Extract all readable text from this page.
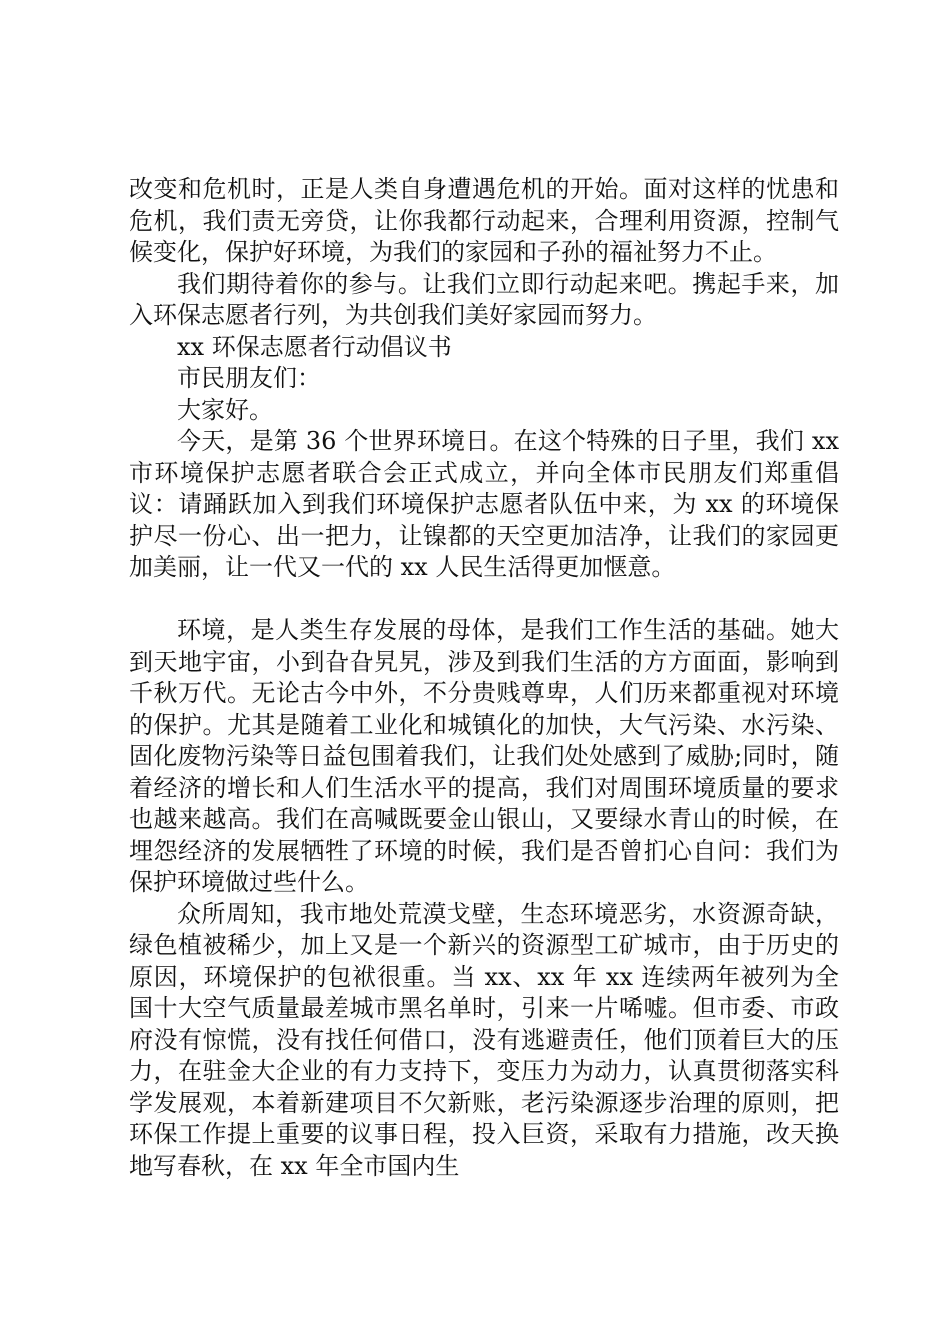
改变和危机时，正是人类自身遭遇危机的开始。面对这样的忧患和危机，我们责无旁贷，让你我都行动起来，合理利用资源，控制气候变化，保护好环境，为我们的家园和子孙的福祉努力不止。

我们期待着你的参与。让我们立即行动起来吧。携起手来，加入环保志愿者行列，为共创我们美好家园而努力。

xx 环保志愿者行动倡议书

市民朋友们：

大家好。

今天，是第 36 个世界环境日。在这个特殊的日子里，我们 xx 市环境保护志愿者联合会正式成立，并向全体市民朋友们郑重倡议：请踊跃加入到我们环境保护志愿者队伍中来，为 xx 的环境保护尽一份心、出一把力，让镍都的天空更加洁净，让我们的家园更加美丽，让一代又一代的 xx 人民生活得更加惬意。

环境，是人类生存发展的母体，是我们工作生活的基础。她大到天地宇宙，小到旮旮旯旯，涉及到我们生活的方方面面，影响到千秋万代。无论古今中外，不分贵贱尊卑，人们历来都重视对环境的保护。尤其是随着工业化和城镇化的加快，大气污染、水污染、固化废物污染等日益包围着我们，让我们处处感到了威胁;同时，随着经济的增长和人们生活水平的提高，我们对周围环境质量的要求也越来越高。我们在高喊既要金山银山，又要绿水青山的时候，在埋怨经济的发展牺牲了环境的时候，我们是否曾扪心自问：我们为保护环境做过些什么。

众所周知，我市地处荒漠戈壁，生态环境恶劣，水资源奇缺，绿色植被稀少，加上又是一个新兴的资源型工矿城市，由于历史的原因，环境保护的包袱很重。当 xx、xx 年 xx 连续两年被列为全国十大空气质量最差城市黑名单时，引来一片唏嘘。但市委、市政府没有惊慌，没有找任何借口，没有逃避责任，他们顶着巨大的压力，在驻金大企业的有力支持下，变压力为动力，认真贯彻落实科学发展观，本着新建项目不欠新账，老污染源逐步治理的原则，把环保工作提上重要的议事日程，投入巨资，采取有力措施，改天换地写春秋，在 xx 年全市国内生
